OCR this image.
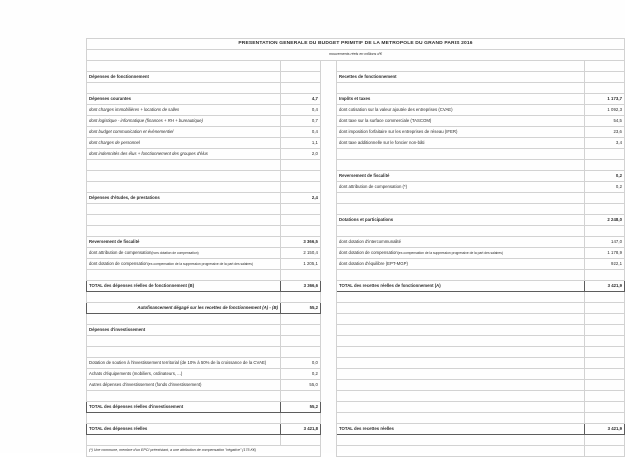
PRESENTATION GENERALE DU BUDGET PRIMITIF DE LA METROPOLE DU GRAND PARIS 2016				
mouvements réels en millions d'€				

Dépenses de fonctionnement			Recettes de fonctionnement	

Dépenses courantes	4,7		Impôts et taxes	1 173,7
dont charges immobilières + locations de salles	0,4		dont cotisation sur la valeur ajoutée des entreprises (CVAE)	1 092,3
dont logistique - informatique (finances + RH + bureautique)	0,7		dont taxe sur la surface commerciale (TASCOM)	54,5
dont budget communication et évènementiel	0,4		dont imposition forfaitaire sur les entreprises de réseau (IFER)	23,6
dont charges de personnel	1,1		dont taxe additionnelle sur le foncier non-bâti	3,4
dont indemnités des élus + fonctionnement des groupes d'élus	2,0			

			Reversement de fiscalité	0,2
			dont attribution de compensation (*)	0,2
Dépenses d'études, de prestations	2,4			

			Dotations et participations	2 248,0

Reversement de fiscalité	3 366,5		dont dotation d'intercommunalité	147,0
dont attribution de compensation(hors dotation de compensation)	2 150,4		dont dotation de compensation(ex-compensation de la suppression progressive de la part des salaires)	1 178,9
dont dotation de compensation(ex-compensation de la suppression progressive de la part des salaires)	1 205,1		dont dotation d'équilibre (EPT-MGP)	922,1

TOTAL des dépenses réelles de fonctionnement (B)	3 366,6		TOTAL des recettes réelles de fonctionnement (A)	3 421,9

Autofinancement dégagé sur les recettes de fonctionnement (A) - (B)	55,2			

Dépenses d'investissement				

Dotation de soutien à l'investissement territorial (de 10% à 50% de la croissance de la CVAE)	0,0			
Achats d'équipements (mobiliers, ordinateurs, ...)	0,2			
Autres dépenses d'investissement (fonds d'investissement)	55,0			

TOTAL des dépenses réelles d'investissement	55,2			

TOTAL des dépenses réelles	3 421,8		TOTAL des recettes réelles	3 421,9

(*) Une commune, membre d'un EPCI préexistant, a une attribution de compensation "négative" (175 K€)				
